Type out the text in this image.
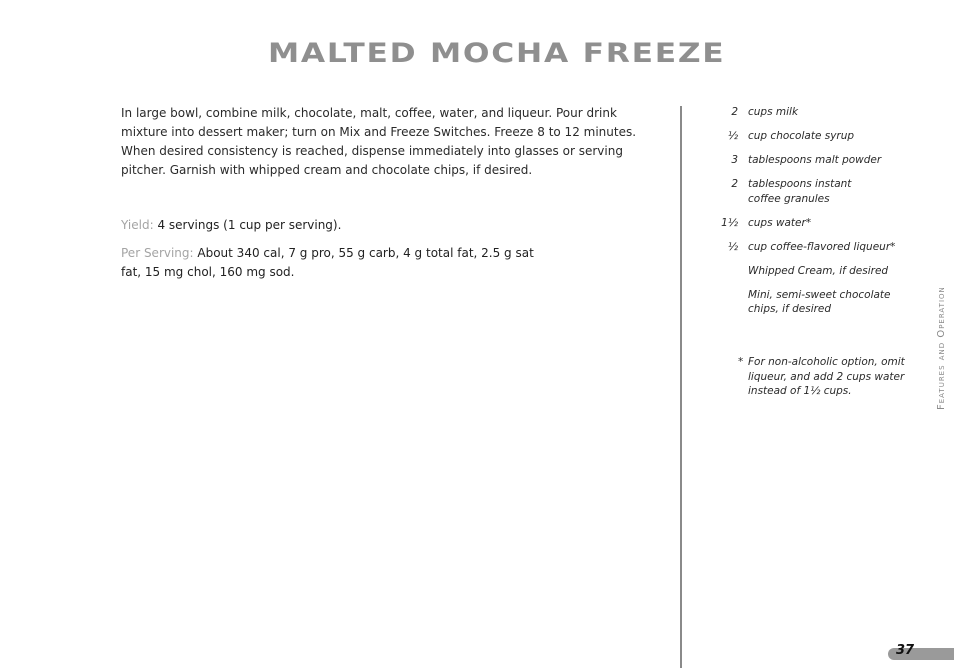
MALTED MOCHA FREEZE

In large bowl, combine milk, chocolate, malt, coffee, water, and liqueur. Pour drink mixture into dessert maker; turn on Mix and Freeze Switches. Freeze 8 to 12 minutes. When desired consistency is reached, dispense immediately into glasses or serving pitcher. Garnish with whipped cream and chocolate chips, if desired.

Yield: 4 servings (1 cup per serving).

Per Serving: About 340 cal, 7 g pro, 55 g carb, 4 g total fat, 2.5 g sat fat, 15 mg chol, 160 mg sod.

2 cups milk
½ cup chocolate syrup
3 tablespoons malt powder
2 tablespoons instant
coffee granules
1½ cups water*
½ cup coffee-flavored liqueur*
Whipped Cream, if desired
Mini, semi-sweet chocolate
chips, if desired
* For non-alcoholic option, omit
liqueur, and add 2 cups water
instead of 1½ cups.	Features and Operation
37
